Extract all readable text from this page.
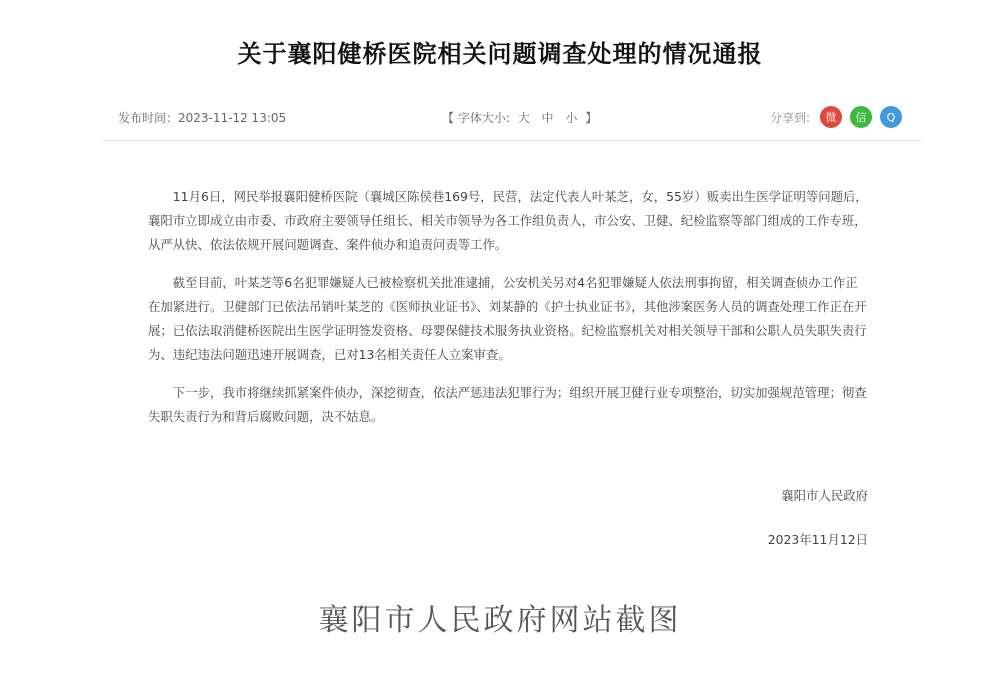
关于襄阳健桥医院相关问题调查处理的情况通报
发布时间：2023-11-12 13:05	【 字体大小: 大 中 小 】	分享到:	微	信	Q

11月6日，网民举报襄阳健桥医院（襄城区陈侯巷169号，民营，法定代表人叶某芝，女，55岁）贩卖出生医学证明等问题后，襄阳市立即成立由市委、市政府主要领导任组长、相关市领导为各工作组负责人，市公安、卫健、纪检监察等部门组成的工作专班，从严从快、依法依规开展问题调查、案件侦办和追责问责等工作。

截至目前，叶某芝等6名犯罪嫌疑人已被检察机关批准逮捕，公安机关另对4名犯罪嫌疑人依法刑事拘留，相关调查侦办工作正在加紧进行。卫健部门已依法吊销叶某芝的《医师执业证书》、刘某静的《护士执业证书》，其他涉案医务人员的调查处理工作正在开展；已依法取消健桥医院出生医学证明签发资格、母婴保健技术服务执业资格。纪检监察机关对相关领导干部和公职人员失职失责行为、违纪违法问题迅速开展调查，已对13名相关责任人立案审查。

下一步，我市将继续抓紧案件侦办，深挖彻查，依法严惩违法犯罪行为；组织开展卫健行业专项整治，切实加强规范管理；彻查失职失责行为和背后腐败问题，决不姑息。

襄阳市人民政府
2023年11月12日
襄阳市人民政府网站截图
